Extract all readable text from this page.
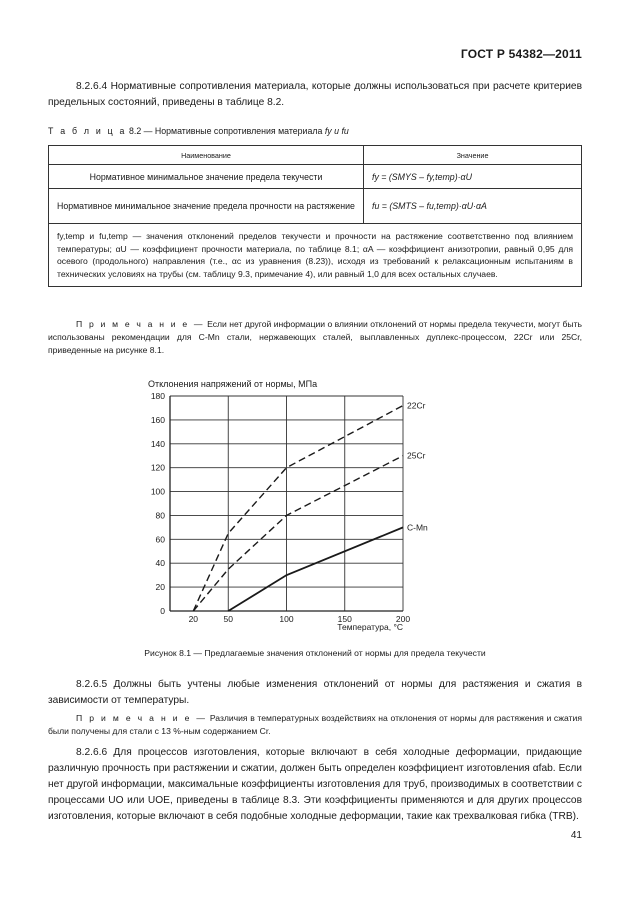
ГОСТ Р 54382—2011
8.2.6.4 Нормативные сопротивления материала, которые должны использоваться при расчете критериев предельных состояний, приведены в таблице 8.2.
Т а б л и ц а 8.2 — Нормативные сопротивления материала fy и fu
Наименование	Значение
Нормативное минимальное значение предела текучести	fy = (SMYS – fy,temp)·αU
Нормативное минимальное значение предела прочности на растяжение	fu = (SMTS – fu,temp)·αU·αA
fy,temp и fu,temp — значения отклонений пределов текучести и прочности на растяжение соответственно под влиянием температуры; αU — коэффициент прочности материала, по таблице 8.1; αA — коэффициент анизотропии, равный 0,95 для осевого (продольного) направления (т.е., αc из уравнения (8.23)), исходя из требований к релаксационным испытаниям в технических условиях на трубы (см. таблицу 9.3, примечание 4), или равный 1,0 для всех остальных случаев.	
П р и м е ч а н и е — Если нет другой информации о влиянии отклонений от нормы предела текучести, могут быть использованы рекомендации для C-Mn стали, нержавеющих сталей, выплавленных дуплекс-процессом, 22Cr или 25Cr, приведенные на рисунке 8.1.
Отклонения напряжений от нормы, МПа
20
40
60
80
100
120
140
160
180
20	50	100	150	200
0
22Cr
25Cr
C-Mn
Температура, °С
Рисунок 8.1 — Предлагаемые значения отклонений от нормы для предела текучести
8.2.6.5 Должны быть учтены любые изменения отклонений от нормы для растяжения и сжатия в зависимости от температуры.
П р и м е ч а н и е — Различия в температурных воздействиях на отклонения от нормы для растяжения и сжатия были получены для стали с 13 %-ным содержанием Cr.
8.2.6.6 Для процессов изготовления, которые включают в себя холодные деформации, придающие различную прочность при растяжении и сжатии, должен быть определен коэффициент изготовления αfab. Если нет другой информации, максимальные коэффициенты изготовления для труб, производимых в соответствии с процессами UO или UOE, приведены в таблице 8.3. Эти коэффициенты применяются и для других процессов изготовления, которые включают в себя подобные холодные деформации, такие как трехвалковая гибка (TRB).
41
